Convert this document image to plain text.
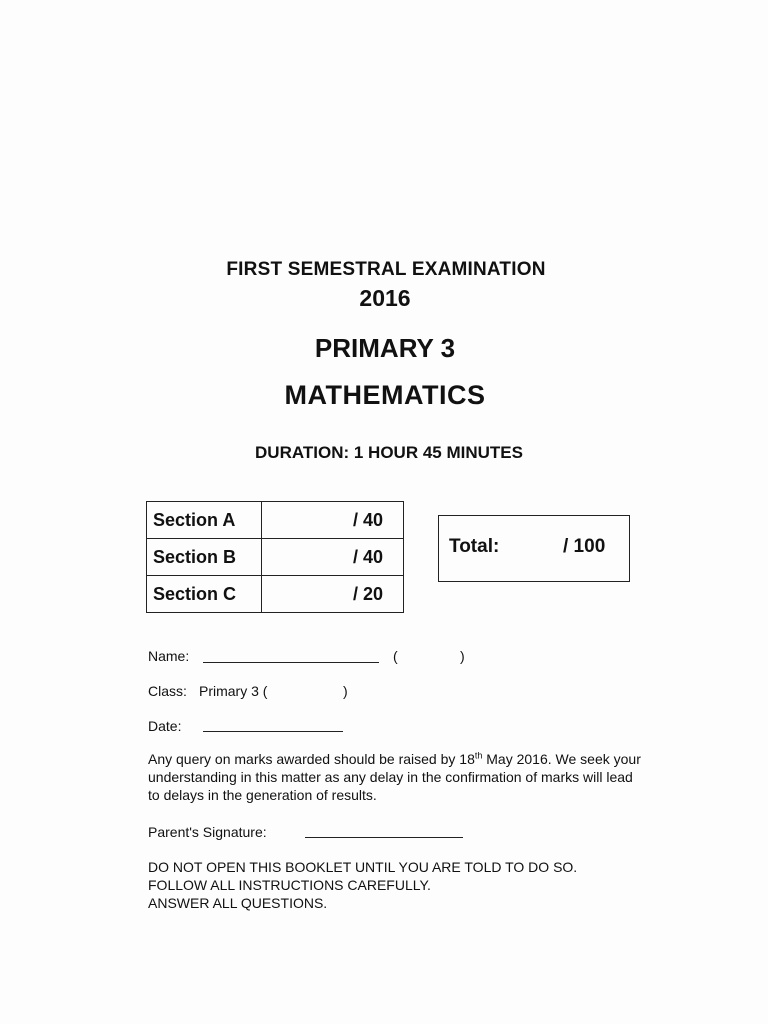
FIRST SEMESTRAL EXAMINATION
2016
PRIMARY 3
MATHEMATICS
DURATION: 1 HOUR 45 MINUTES
Section A	/ 40
Section B	/ 40
Section C	/ 20
Total:	/ 100
Name:	(	)
Class: Primary 3 (	)
Date:
Any query on marks awarded should be raised by 18th May 2016. We seek your understanding in this matter as any delay in the confirmation of marks will lead to delays in the generation of results.
Parent's Signature:
DO NOT OPEN THIS BOOKLET UNTIL YOU ARE TOLD TO DO SO.
FOLLOW ALL INSTRUCTIONS CAREFULLY.
ANSWER ALL QUESTIONS.
